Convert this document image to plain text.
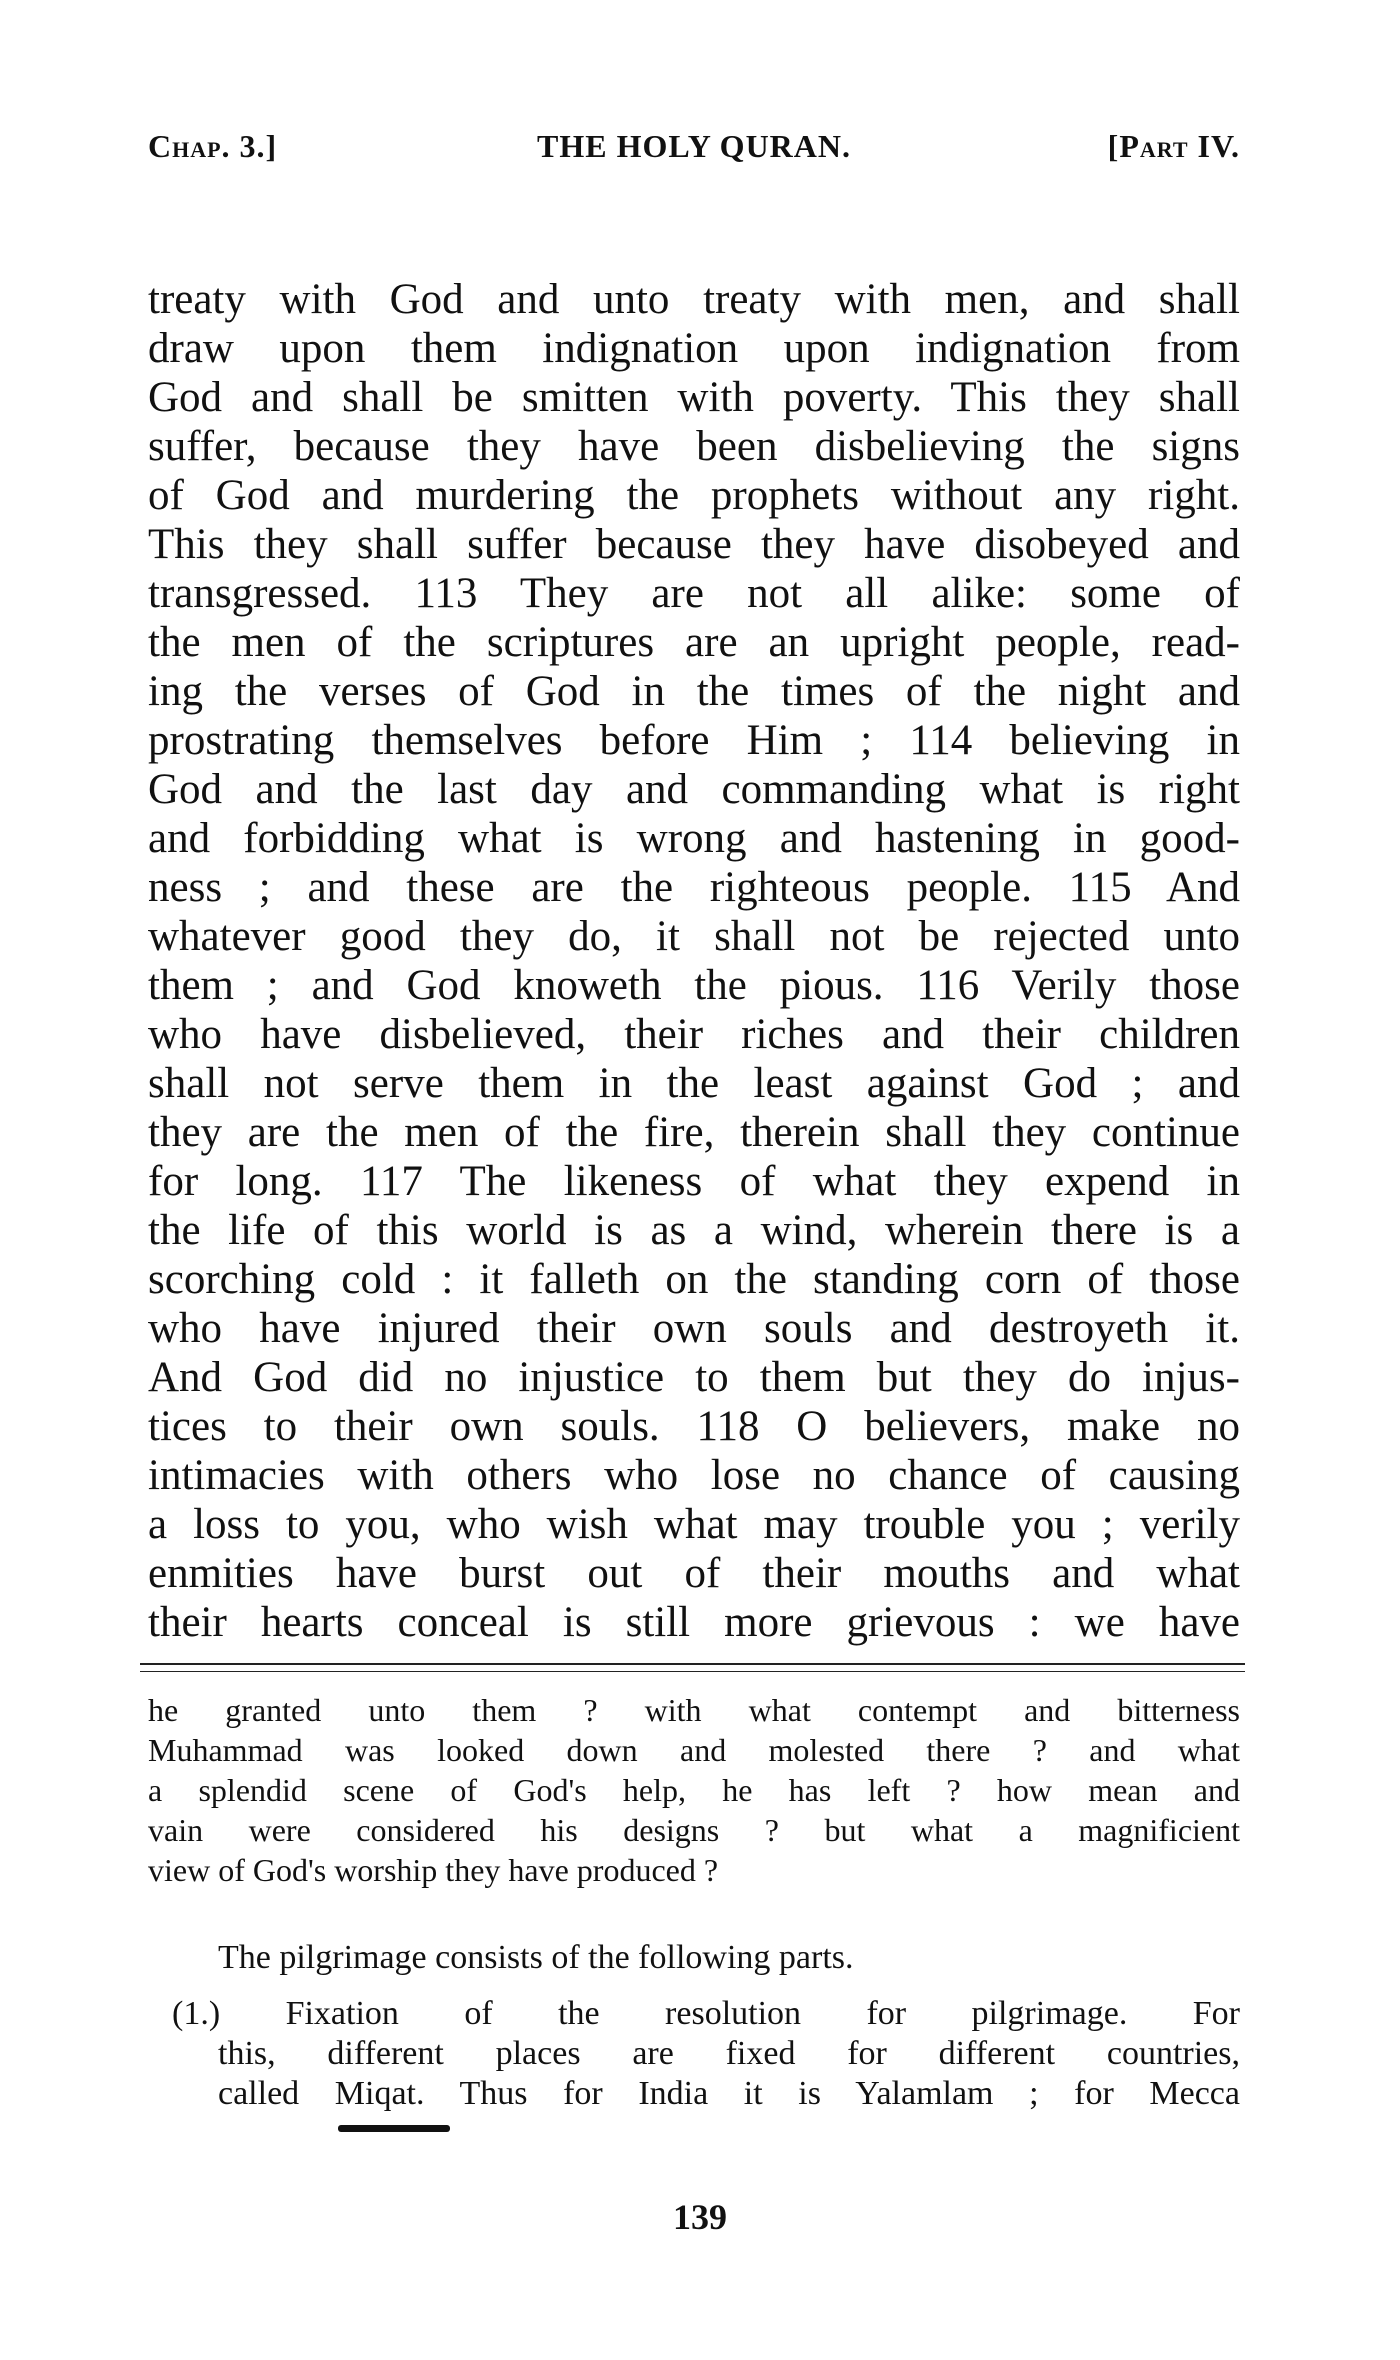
Chap. 3.]	THE HOLY QURAN.	[Part IV.
treaty with God and unto treaty with men, and shall
draw upon them indignation upon indignation from
God and shall be smitten with poverty. This they shall
suffer, because they have been disbelieving the signs
of God and murdering the prophets without any right.
This they shall suffer because they have disobeyed and
transgressed. 113 They are not all alike: some of
the men of the scriptures are an upright people, read-
ing the verses of God in the times of the night and
prostrating themselves before Him ; 114 believing in
God and the last day and commanding what is right
and forbidding what is wrong and hastening in good-
ness ; and these are the righteous people. 115 And
whatever good they do, it shall not be rejected unto
them ; and God knoweth the pious. 116 Verily those
who have disbelieved, their riches and their children
shall not serve them in the least against God ; and
they are the men of the fire, therein shall they continue
for long. 117 The likeness of what they expend in
the life of this world is as a wind, wherein there is a
scorching cold : it falleth on the standing corn of those
who have injured their own souls and destroyeth it.
And God did no injustice to them but they do injus-
tices to their own souls. 118 O believers, make no
intimacies with others who lose no chance of causing
a loss to you, who wish what may trouble you ; verily
enmities have burst out of their mouths and what
their hearts conceal is still more grievous : we have
he granted unto them ? with what contempt and bitterness
Muhammad was looked down and molested there ? and what
a splendid scene of God's help, he has left ? how mean and
vain were considered his designs ? but what a magnificient
view of God's worship they have produced ?
The pilgrimage consists of the following parts.
(1.) Fixation of the resolution for pilgrimage. For
this, different places are fixed for different countries,
called Miqat. Thus for India it is Yalamlam ; for Mecca
139
